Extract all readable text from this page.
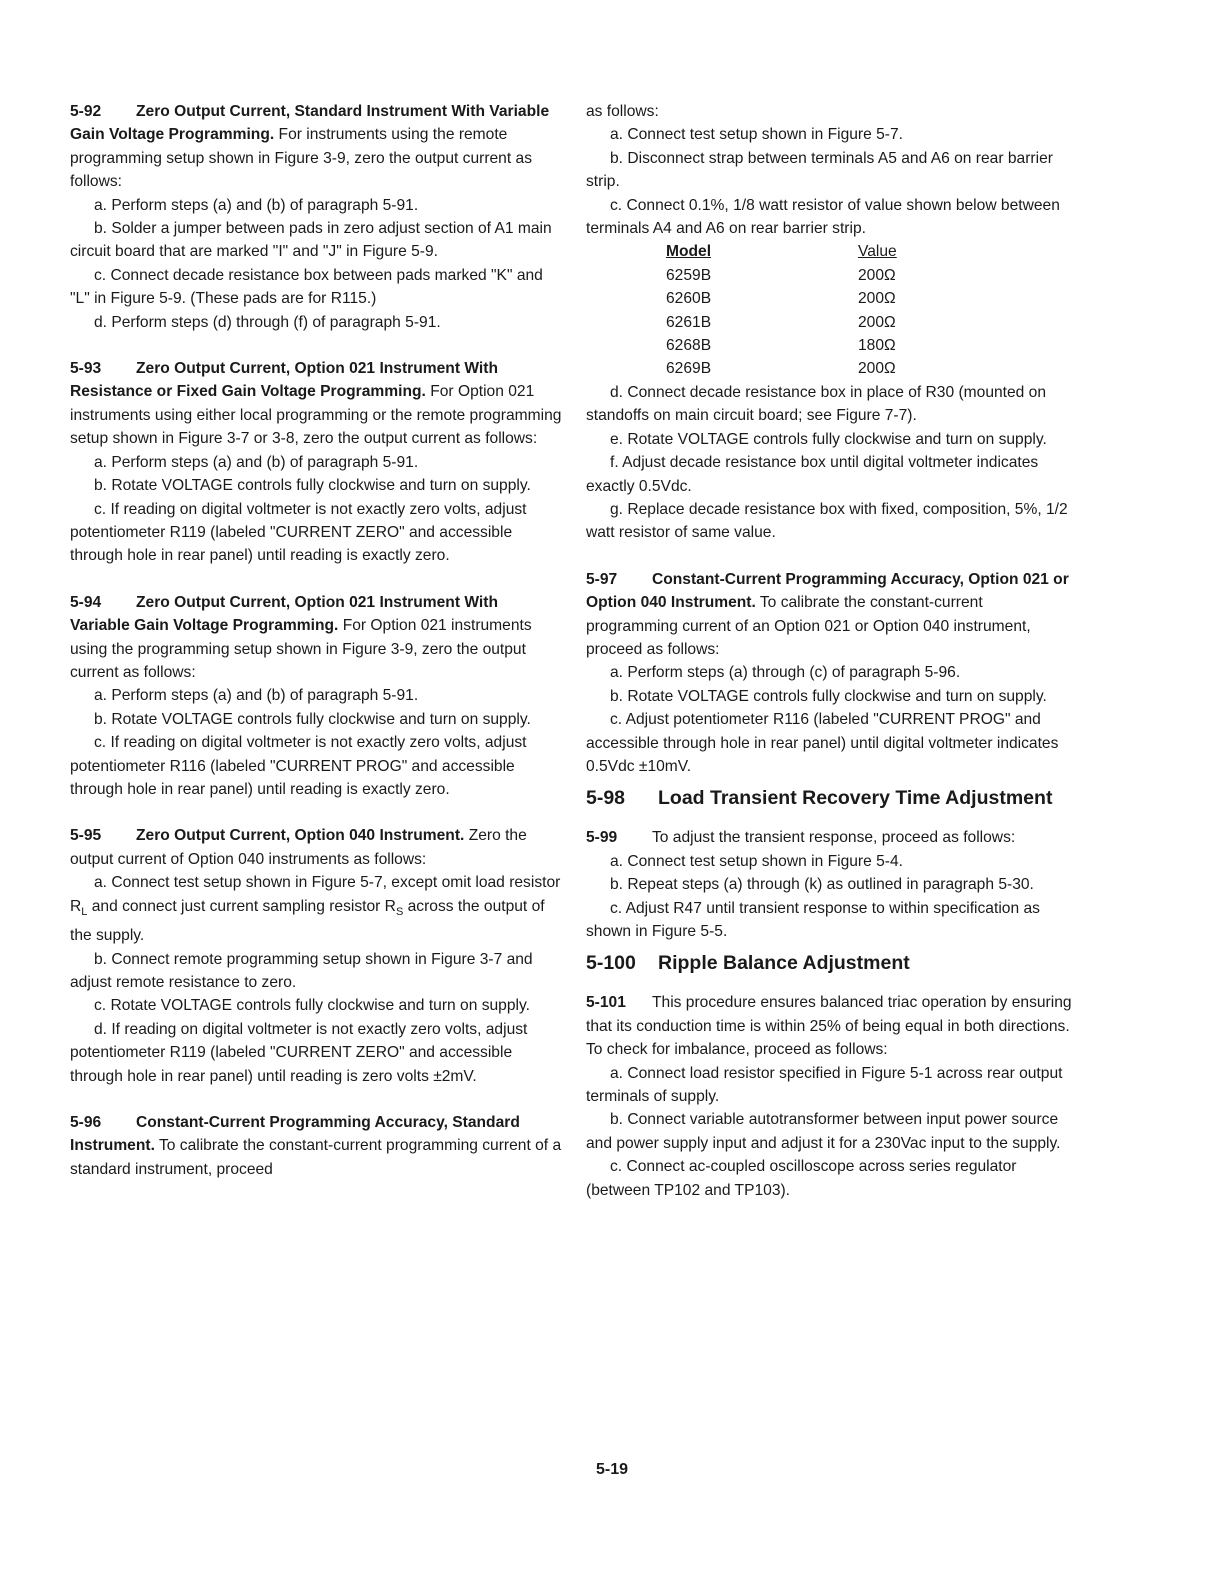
5-92 Zero Output Current, Standard Instrument With Variable Gain Voltage Programming. For instruments using the remote programming setup shown in Figure 3-9, zero the output current as follows:

a. Perform steps (a) and (b) of paragraph 5-91.

b. Solder a jumper between pads in zero adjust section of A1 main circuit board that are marked "I" and "J" in Figure 5-9.

c. Connect decade resistance box between pads marked "K" and "L" in Figure 5-9. (These pads are for R115.)

d. Perform steps (d) through (f) of paragraph 5-91.

5-93 Zero Output Current, Option 021 Instrument With Resistance or Fixed Gain Voltage Programming. For Option 021 instruments using either local programming or the remote programming setup shown in Figure 3-7 or 3-8, zero the output current as follows:

a. Perform steps (a) and (b) of paragraph 5-91.

b. Rotate VOLTAGE controls fully clockwise and turn on supply.

c. If reading on digital voltmeter is not exactly zero volts, adjust potentiometer R119 (labeled "CURRENT ZERO" and accessible through hole in rear panel) until reading is exactly zero.

5-94 Zero Output Current, Option 021 Instrument With Variable Gain Voltage Programming. For Option 021 instruments using the programming setup shown in Figure 3-9, zero the output current as follows:

a. Perform steps (a) and (b) of paragraph 5-91.

b. Rotate VOLTAGE controls fully clockwise and turn on supply.

c. If reading on digital voltmeter is not exactly zero volts, adjust potentiometer R116 (labeled "CURRENT PROG" and accessible through hole in rear panel) until reading is exactly zero.

5-95 Zero Output Current, Option 040 Instrument. Zero the output current of Option 040 instruments as follows:

a. Connect test setup shown in Figure 5-7, except omit load resistor $R_L$ and connect just current sampling resistor $R_S$ across the output of the supply.

b. Connect remote programming setup shown in Figure 3-7 and adjust remote resistance to zero.

c. Rotate VOLTAGE controls fully clockwise and turn on supply.

d. If reading on digital voltmeter is not exactly zero volts, adjust potentiometer R119 (labeled "CURRENT ZERO" and accessible through hole in rear panel) until reading is zero volts ±2mV.

5-96 Constant-Current Programming Accuracy, Standard Instrument. To calibrate the constant-current programming current of a standard instrument, proceed

as follows:

a. Connect test setup shown in Figure 5-7.

b. Disconnect strap between terminals A5 and A6 on rear barrier strip.

c. Connect 0.1%, 1/8 watt resistor of value shown below between terminals A4 and A6 on rear barrier strip.

Model	Value
6259B	200Ω
6260B	200Ω
6261B	200Ω
6268B	180Ω
6269B	200Ω

d. Connect decade resistance box in place of R30 (mounted on standoffs on main circuit board; see Figure 7-7).

e. Rotate VOLTAGE controls fully clockwise and turn on supply.

f. Adjust decade resistance box until digital voltmeter indicates exactly 0.5Vdc.

g. Replace decade resistance box with fixed, composition, 5%, 1/2 watt resistor of same value.

5-97 Constant-Current Programming Accuracy, Option 021 or Option 040 Instrument. To calibrate the constant-current programming current of an Option 021 or Option 040 instrument, proceed as follows:

a. Perform steps (a) through (c) of paragraph 5-96.

b. Rotate VOLTAGE controls fully clockwise and turn on supply.

c. Adjust potentiometer R116 (labeled "CURRENT PROG" and accessible through hole in rear panel) until digital voltmeter indicates 0.5Vdc ±10mV.

5-98 Load Transient Recovery Time Adjustment

5-99 To adjust the transient response, proceed as follows:

a. Connect test setup shown in Figure 5-4.

b. Repeat steps (a) through (k) as outlined in paragraph 5-30.

c. Adjust R47 until transient response to within specification as shown in Figure 5-5.

5-100 Ripple Balance Adjustment

5-101 This procedure ensures balanced triac operation by ensuring that its conduction time is within 25% of being equal in both directions. To check for imbalance, proceed as follows:

a. Connect load resistor specified in Figure 5-1 across rear output terminals of supply.

b. Connect variable autotransformer between input power source and power supply input and adjust it for a 230Vac input to the supply.

c. Connect ac-coupled oscilloscope across series regulator (between TP102 and TP103).

5-19
